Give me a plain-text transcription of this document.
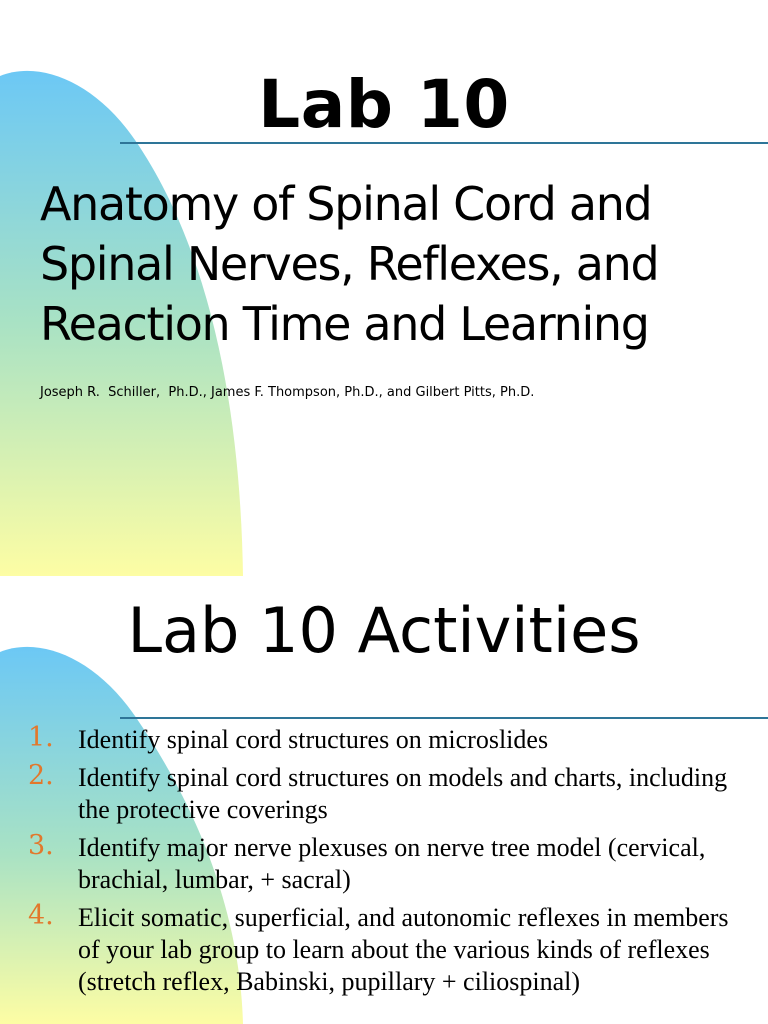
Lab 10
Anatomy of Spinal Cord and Spinal Nerves, Reflexes, and Reaction Time and Learning
Joseph R.  Schiller,  Ph.D., James F. Thompson, Ph.D., and Gilbert Pitts, Ph.D.
Lab 10 Activities
1. Identify spinal cord structures on microslides
2. Identify spinal cord structures on models and charts, including the protective coverings
3. Identify major nerve plexuses on nerve tree model (cervical, brachial, lumbar, + sacral)
4. Elicit somatic, superficial, and autonomic reflexes in members of your lab group to learn about the various kinds of reflexes (stretch reflex, Babinski, pupillary + ciliospinal)
